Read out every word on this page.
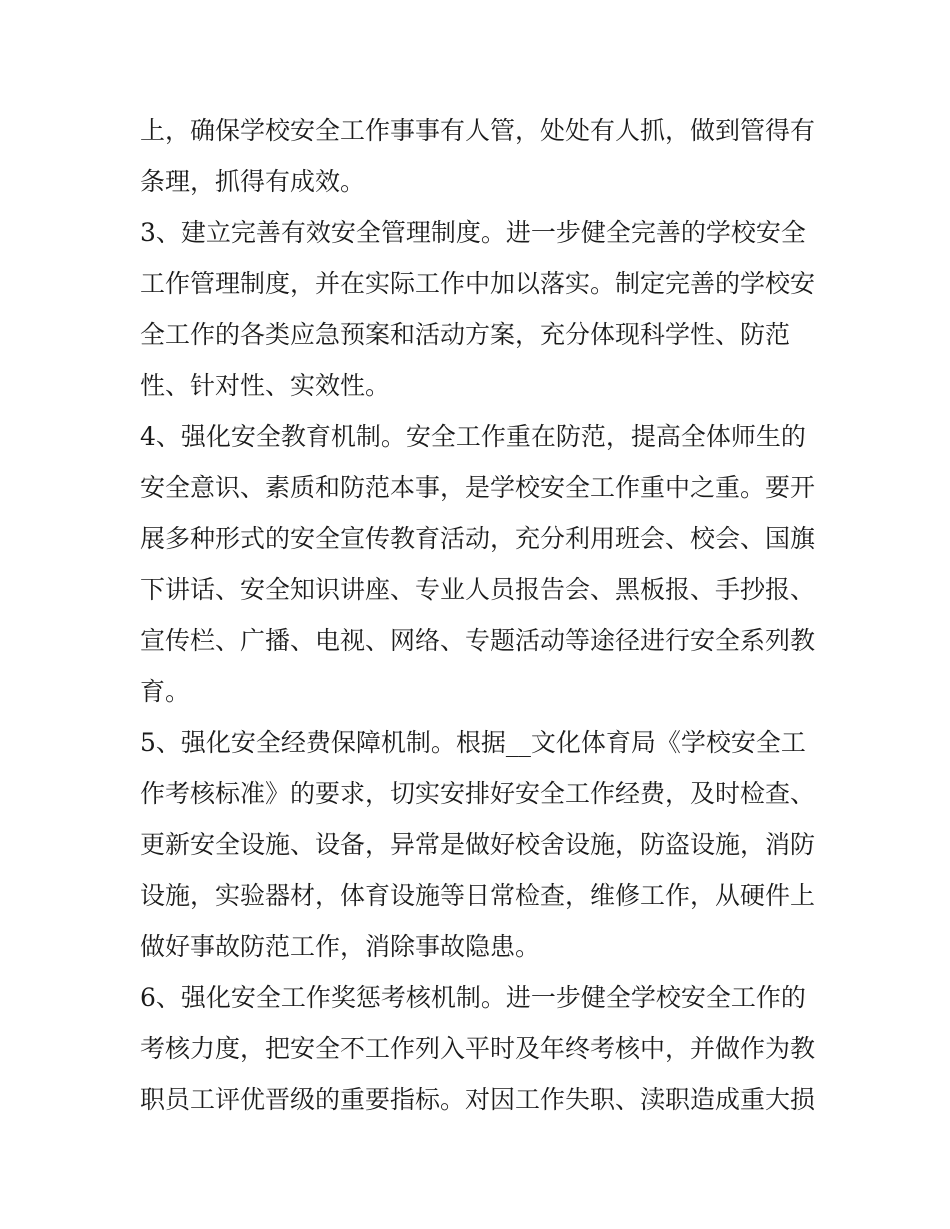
上，确保学校安全工作事事有人管，处处有人抓，做到管得有
条理，抓得有成效。
3、建立完善有效安全管理制度。进一步健全完善的学校安全
工作管理制度，并在实际工作中加以落实。制定完善的学校安
全工作的各类应急预案和活动方案，充分体现科学性、防范
性、针对性、实效性。
4、强化安全教育机制。安全工作重在防范，提高全体师生的
安全意识、素质和防范本事，是学校安全工作重中之重。要开
展多种形式的安全宣传教育活动，充分利用班会、校会、国旗
下讲话、安全知识讲座、专业人员报告会、黑板报、手抄报、
宣传栏、广播、电视、网络、专题活动等途径进行安全系列教
育。
5、强化安全经费保障机制。根据__文化体育局《学校安全工
作考核标准》的要求，切实安排好安全工作经费，及时检查、
更新安全设施、设备，异常是做好校舍设施，防盗设施，消防
设施，实验器材，体育设施等日常检查，维修工作，从硬件上
做好事故防范工作，消除事故隐患。
6、强化安全工作奖惩考核机制。进一步健全学校安全工作的
考核力度，把安全不工作列入平时及年终考核中，并做作为教
职员工评优晋级的重要指标。对因工作失职、渎职造成重大损
